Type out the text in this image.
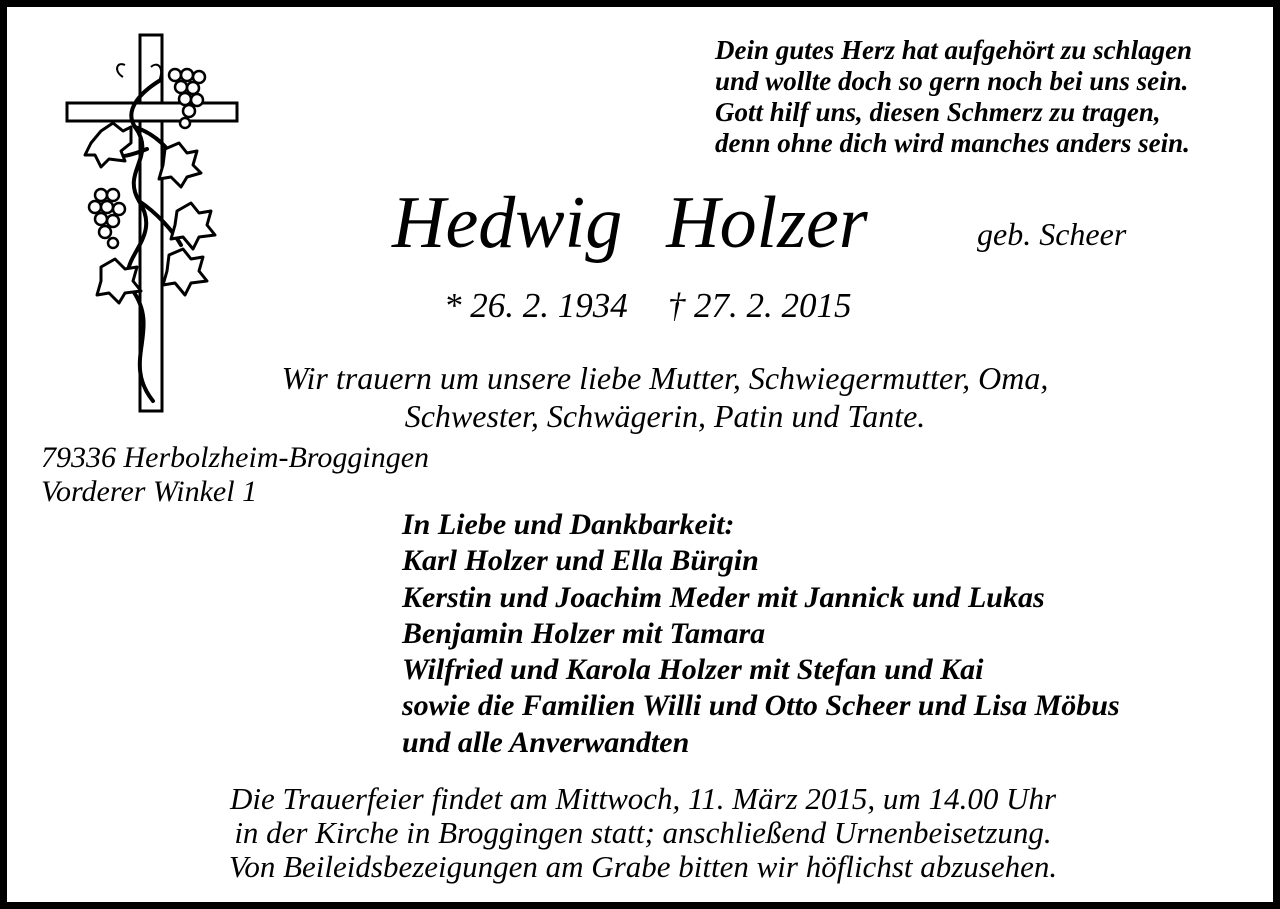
Dein gutes Herz hat aufgehört zu schlagen
und wollte doch so gern noch bei uns sein.
Gott hilf uns, diesen Schmerz zu tragen,
denn ohne dich wird manches anders sein.
Hedwig Holzer	geb. Scheer
* 26. 2. 1934 † 27. 2. 2015
Wir trauern um unsere liebe Mutter, Schwiegermutter, Oma,
Schwester, Schwägerin, Patin und Tante.
79336 Herbolzheim-Broggingen
Vorderer Winkel 1
In Liebe und Dankbarkeit:
Karl Holzer und Ella Bürgin
Kerstin und Joachim Meder mit Jannick und Lukas
Benjamin Holzer mit Tamara
Wilfried und Karola Holzer mit Stefan und Kai
sowie die Familien Willi und Otto Scheer und Lisa Möbus
und alle Anverwandten
Die Trauerfeier findet am Mittwoch, 11. März 2015, um 14.00 Uhr
in der Kirche in Broggingen statt; anschließend Urnenbeisetzung.
Von Beileidsbezeigungen am Grabe bitten wir höflichst abzusehen.
